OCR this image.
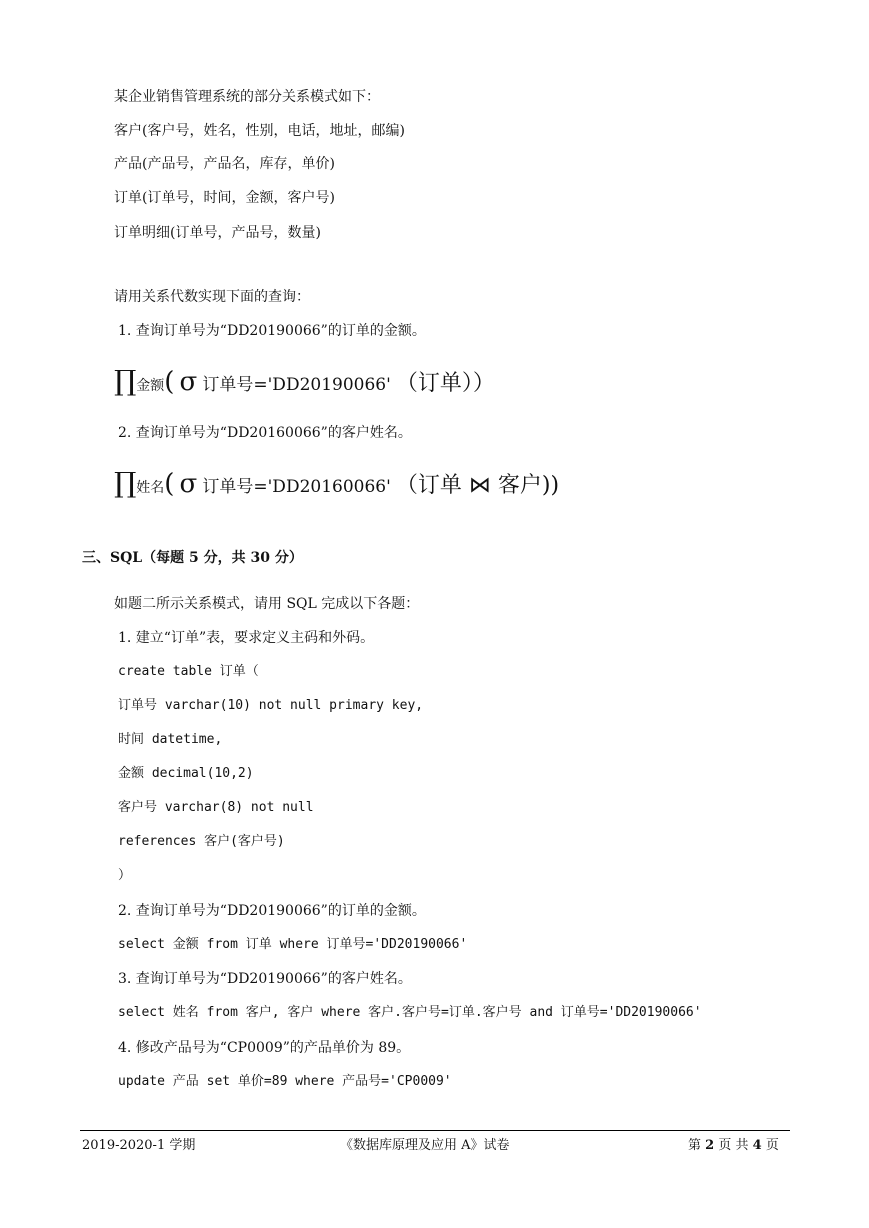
某企业销售管理系统的部分关系模式如下：
客户(客户号，姓名，性别，电话，地址，邮编)
产品(产品号，产品名，库存，单价)
订单(订单号，时间，金额，客户号)
订单明细(订单号，产品号，数量)
请用关系代数实现下面的查询：
1. 查询订单号为“DD20190066”的订单的金额。
∏金额( σ 订单号='DD20190066' （订单））
2. 查询订单号为“DD20160066”的客户姓名。
∏姓名( σ 订单号='DD20160066' （订单 ⋈ 客户))
三、SQL（每题 5 分，共 30 分）
如题二所示关系模式，请用 SQL 完成以下各题：
1. 建立“订单”表，要求定义主码和外码。
create table 订单（
订单号 varchar(10) not null primary key,
时间 datetime,
金额 decimal(10,2)
客户号 varchar(8) not null
references 客户(客户号)
）
2. 查询订单号为“DD20190066”的订单的金额。
select 金额 from 订单 where 订单号='DD20190066'
3. 查询订单号为“DD20190066”的客户姓名。
select 姓名 from 客户, 客户 where 客户.客户号=订单.客户号 and 订单号='DD20190066'
4. 修改产品号为“CP0009”的产品单价为 89。
update 产品 set 单价=89 where 产品号='CP0009'
2019-2020-1 学期	《数据库原理及应用 A》试卷	第 2 页 共 4 页
